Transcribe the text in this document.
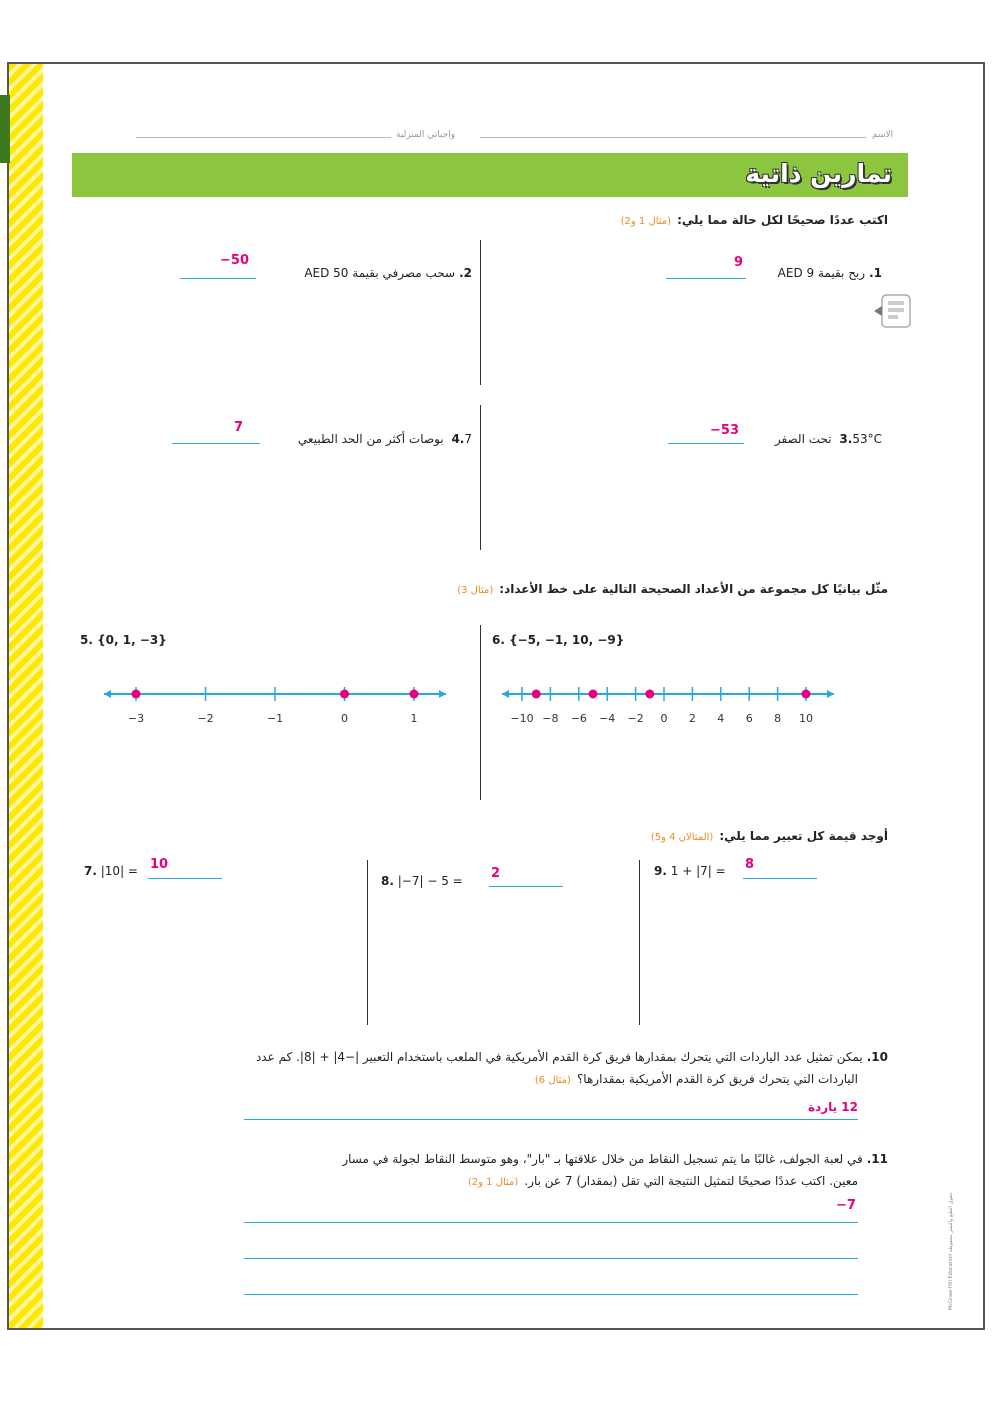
الاسم
واجباتي المنزلية
تمارين ذاتية
اكتب عددًا صحيحًا لكل حالة مما يلي:(مثال 1 و2)
1.ربح بقيمة AED 9
9
2.سحب مصرفي بقيمة AED 50
−50
3.53°C تحت الصفر
−53
4.7 بوصات أكثر من الحد الطبيعي
7
مثّل بيانيًا كل مجموعة من الأعداد الصحيحة التالية على خط الأعداد:(مثال 3)
5. {0, 1, −3}	6. {−5, −1, 10, −9}
−3	−2	−1	0	1	−10 −8 −6 −4 −2 0 2 4 6 8 10
أوجد قيمة كل تعبير مما يلي:(المثالان 4 و5)
7. |10| = 10
8. |−7| − 5 = 2	9. 1 + |7| = 8
10.يمكن تمثيل عدد الياردات التي يتحرك بمقدارها فريق كرة القدم الأمريكية في الملعب باستخدام التعبير |−4| + |8|. كم عدد
الياردات التي يتحرك فريق كرة القدم الأمريكية بمقدارها؟(مثال 6)
12 ياردة
11.في لعبة الجولف، غالبًا ما يتم تسجيل النقاط من خلال علاقتها بـ "بار"، وهو متوسط النقاط لجولة في مسار
معين. اكتب عددًا صحيحًا لتمثيل النتيجة التي تقل (بمقدار) 7 عن بار.(مثال 1 و2)
−7
McGraw-Hill Education حقوق الطبع والنشر محفوظة
